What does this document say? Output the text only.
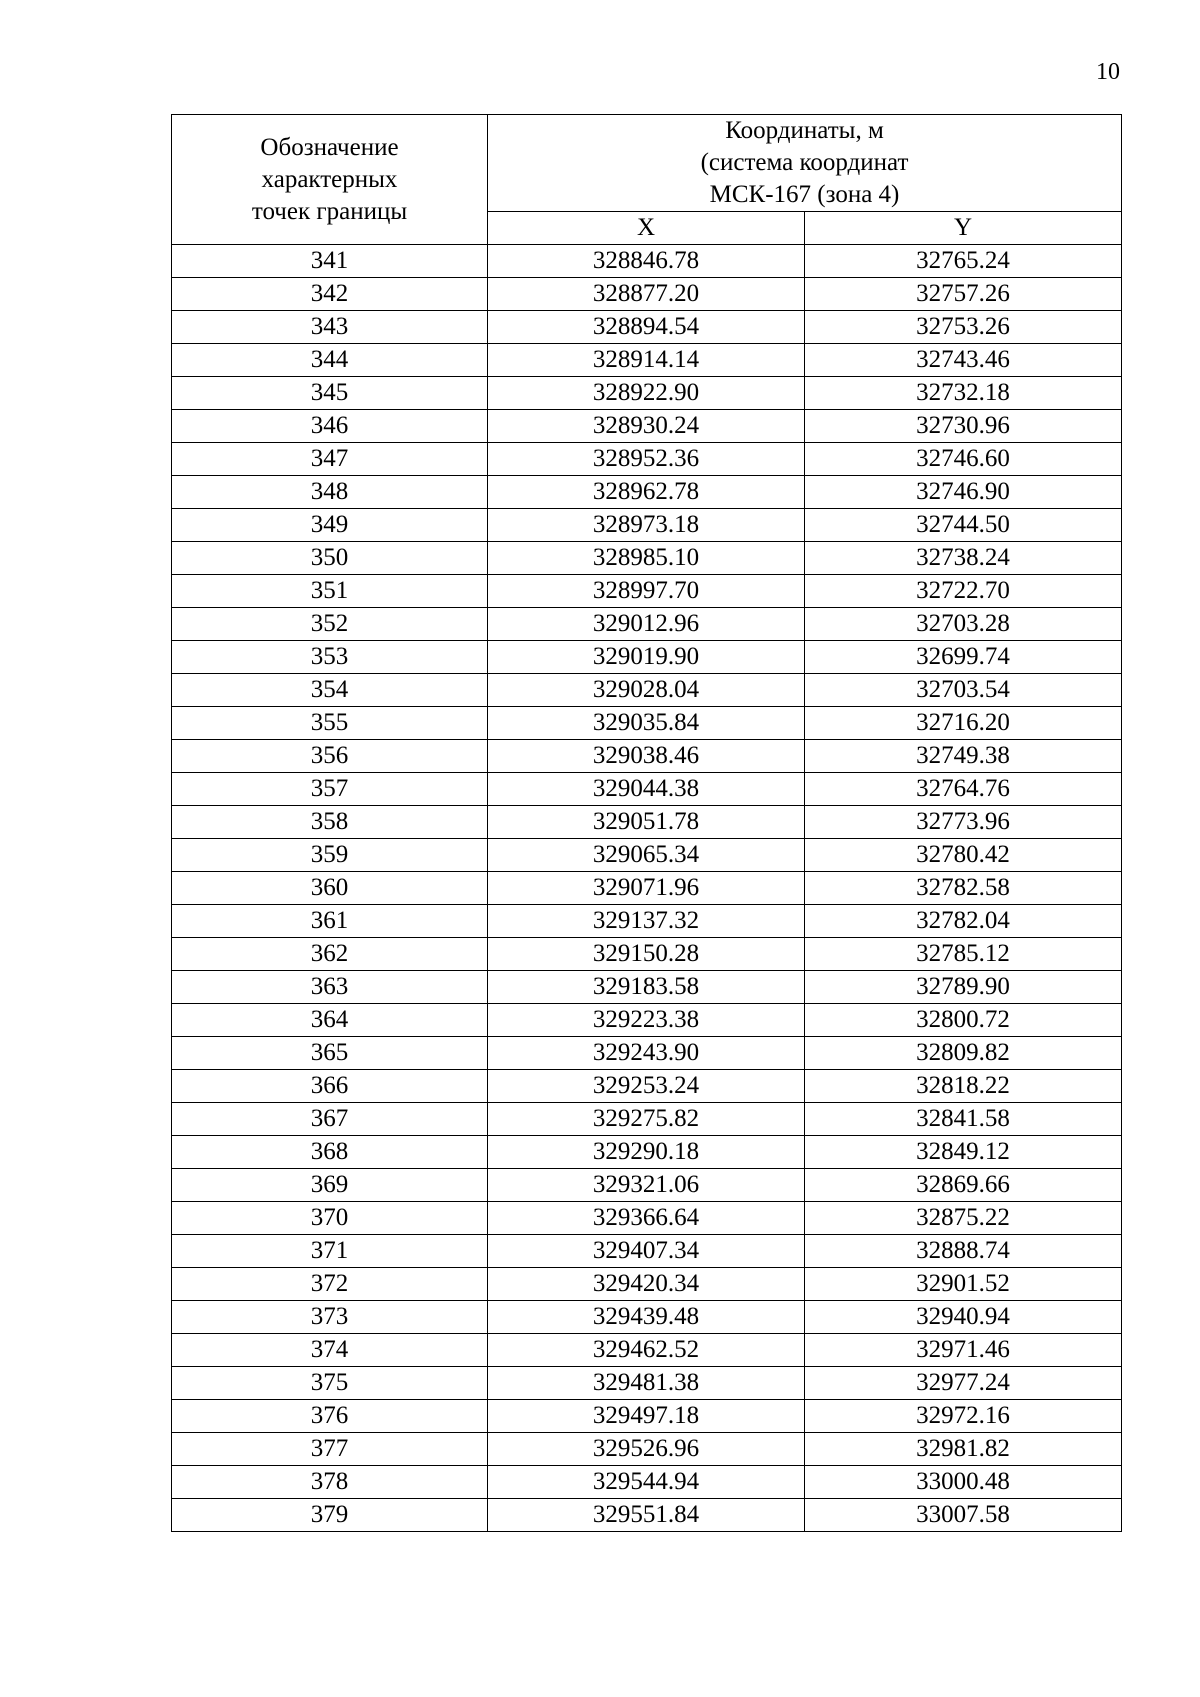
10
Обозначение
характерных
точек границы	Координаты, м
(система координат
МСК-167 (зона 4)	

	X	Y
341	328846.78	32765.24
342	328877.20	32757.26
343	328894.54	32753.26
344	328914.14	32743.46
345	328922.90	32732.18
346	328930.24	32730.96
347	328952.36	32746.60
348	328962.78	32746.90
349	328973.18	32744.50
350	328985.10	32738.24
351	328997.70	32722.70
352	329012.96	32703.28
353	329019.90	32699.74
354	329028.04	32703.54
355	329035.84	32716.20
356	329038.46	32749.38
357	329044.38	32764.76
358	329051.78	32773.96
359	329065.34	32780.42
360	329071.96	32782.58
361	329137.32	32782.04
362	329150.28	32785.12
363	329183.58	32789.90
364	329223.38	32800.72
365	329243.90	32809.82
366	329253.24	32818.22
367	329275.82	32841.58
368	329290.18	32849.12
369	329321.06	32869.66
370	329366.64	32875.22
371	329407.34	32888.74
372	329420.34	32901.52
373	329439.48	32940.94
374	329462.52	32971.46
375	329481.38	32977.24
376	329497.18	32972.16
377	329526.96	32981.82
378	329544.94	33000.48
379	329551.84	33007.58
